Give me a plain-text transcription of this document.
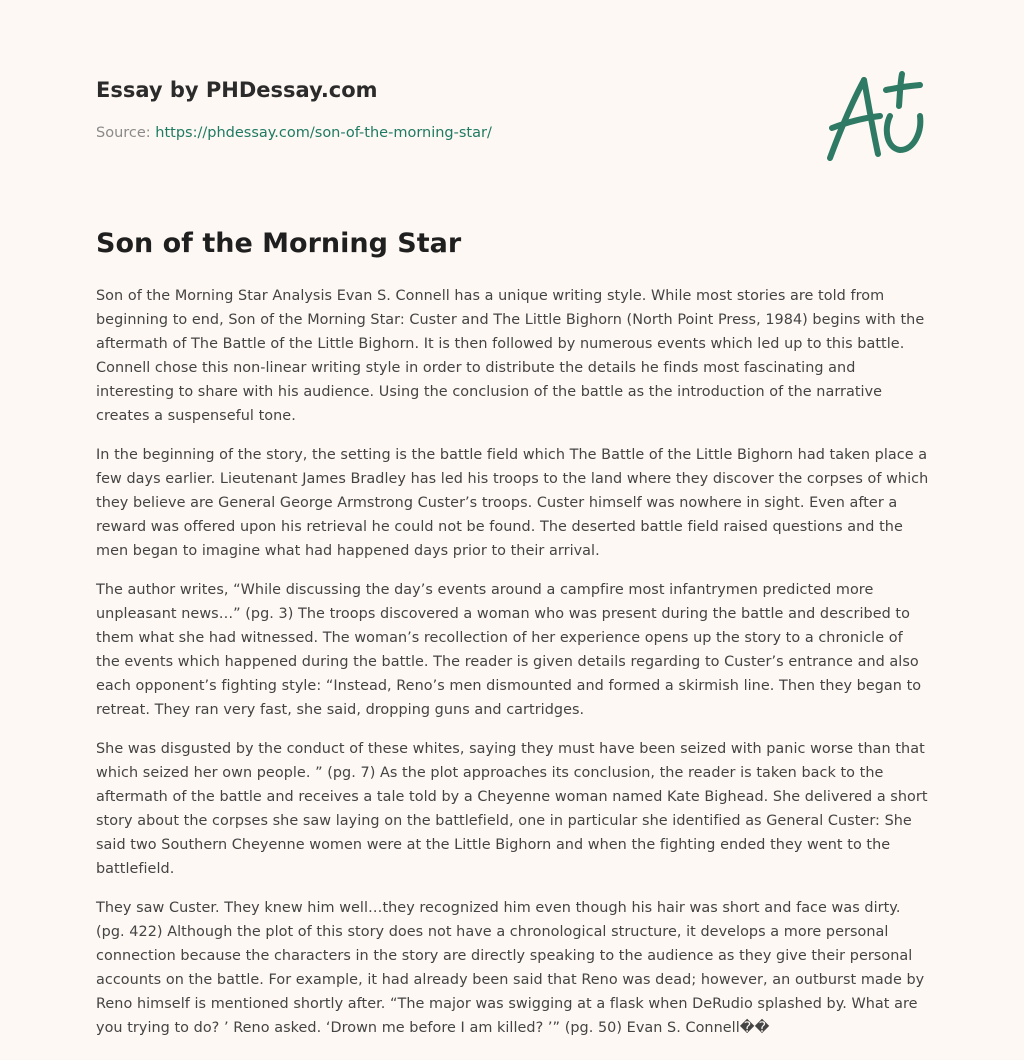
Essay by PHDessay.com
Source: https://phdessay.com/son-of-the-morning-star/
Son of the Morning Star

Son of the Morning Star Analysis Evan S. Connell has a unique writing style. While most stories are told from beginning to end, Son of the Morning Star: Custer and The Little Bighorn (North Point Press, 1984) begins with the aftermath of The Battle of the Little Bighorn. It is then followed by numerous events which led up to this battle. Connell chose this non-linear writing style in order to distribute the details he finds most fascinating and interesting to share with his audience. Using the conclusion of the battle as the introduction of the narrative creates a suspenseful tone.

In the beginning of the story, the setting is the battle field which The Battle of the Little Bighorn had taken place a few days earlier. Lieutenant James Bradley has led his troops to the land where they discover the corpses of which they believe are General George Armstrong Custer’s troops. Custer himself was nowhere in sight. Even after a reward was offered upon his retrieval he could not be found. The deserted battle field raised questions and the men began to imagine what had happened days prior to their arrival.

The author writes, “While discussing the day’s events around a campfire most infantrymen predicted more unpleasant news…” (pg. 3) The troops discovered a woman who was present during the battle and described to them what she had witnessed. The woman’s recollection of her experience opens up the story to a chronicle of the events which happened during the battle. The reader is given details regarding to Custer’s entrance and also each opponent’s fighting style: “Instead, Reno’s men dismounted and formed a skirmish line. Then they began to retreat. They ran very fast, she said, dropping guns and cartridges.

She was disgusted by the conduct of these whites, saying they must have been seized with panic worse than that which seized her own people. ” (pg. 7) As the plot approaches its conclusion, the reader is taken back to the aftermath of the battle and receives a tale told by a Cheyenne woman named Kate Bighead. She delivered a short story about the corpses she saw laying on the battlefield, one in particular she identified as General Custer: She said two Southern Cheyenne women were at the Little Bighorn and when the fighting ended they went to the battlefield.

They saw Custer. They knew him well…they recognized him even though his hair was short and face was dirty. (pg. 422) Although the plot of this story does not have a chronological structure, it develops a more personal connection because the characters in the story are directly speaking to the audience as they give their personal accounts on the battle. For example, it had already been said that Reno was dead; however, an outburst made by Reno himself is mentioned shortly after. “The major was swigging at a flask when DeRudio splashed by. What are you trying to do? ’ Reno asked. ‘Drown me before I am killed? ’” (pg. 50) Evan S. Connell��
